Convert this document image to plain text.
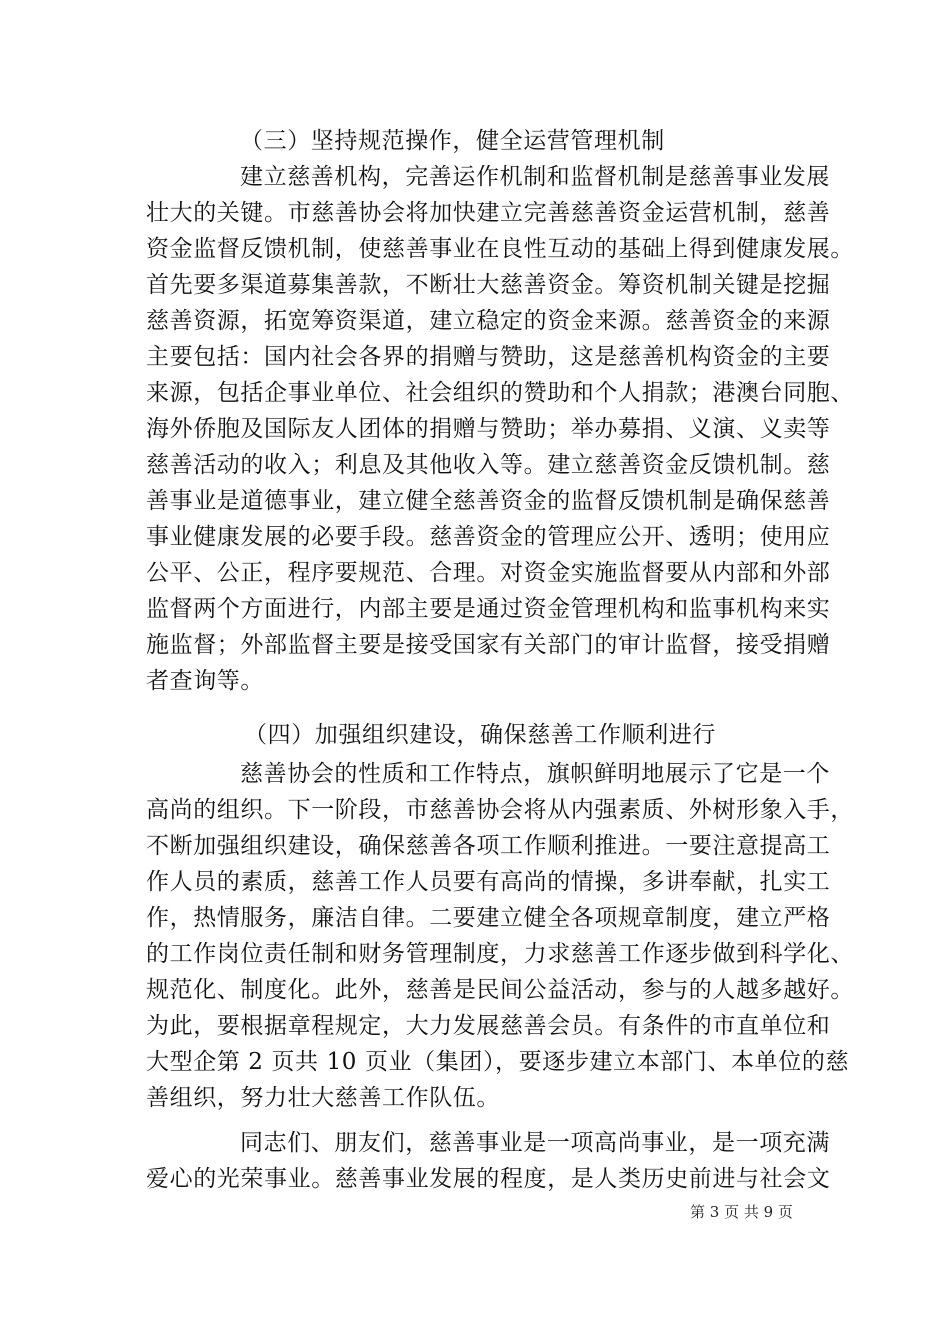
（三）坚持规范操作，健全运营管理机制
建立慈善机构，完善运作机制和监督机制是慈善事业发展
壮大的关键。市慈善协会将加快建立完善慈善资金运营机制，慈善
资金监督反馈机制，使慈善事业在良性互动的基础上得到健康发展。
首先要多渠道募集善款，不断壮大慈善资金。筹资机制关键是挖掘
慈善资源，拓宽筹资渠道，建立稳定的资金来源。慈善资金的来源
主要包括：国内社会各界的捐赠与赞助，这是慈善机构资金的主要
来源，包括企事业单位、社会组织的赞助和个人捐款；港澳台同胞、
海外侨胞及国际友人团体的捐赠与赞助；举办募捐、义演、义卖等
慈善活动的收入；利息及其他收入等。建立慈善资金反馈机制。慈
善事业是道德事业，建立健全慈善资金的监督反馈机制是确保慈善
事业健康发展的必要手段。慈善资金的管理应公开、透明；使用应
公平、公正，程序要规范、合理。对资金实施监督要从内部和外部
监督两个方面进行，内部主要是通过资金管理机构和监事机构来实
施监督；外部监督主要是接受国家有关部门的审计监督，接受捐赠
者查询等。
（四）加强组织建设，确保慈善工作顺利进行
慈善协会的性质和工作特点，旗帜鲜明地展示了它是一个
高尚的组织。下一阶段，市慈善协会将从内强素质、外树形象入手，
不断加强组织建设，确保慈善各项工作顺利推进。一要注意提高工
作人员的素质，慈善工作人员要有高尚的情操，多讲奉献，扎实工
作，热情服务，廉洁自律。二要建立健全各项规章制度，建立严格
的工作岗位责任制和财务管理制度，力求慈善工作逐步做到科学化、
规范化、制度化。此外，慈善是民间公益活动，参与的人越多越好。
为此，要根据章程规定，大力发展慈善会员。有条件的市直单位和
大型企第 2 页共 10 页业（集团），要逐步建立本部门、本单位的慈
善组织，努力壮大慈善工作队伍。
同志们、朋友们，慈善事业是一项高尚事业，是一项充满
爱心的光荣事业。慈善事业发展的程度，是人类历史前进与社会文
第 3 页 共 9 页
